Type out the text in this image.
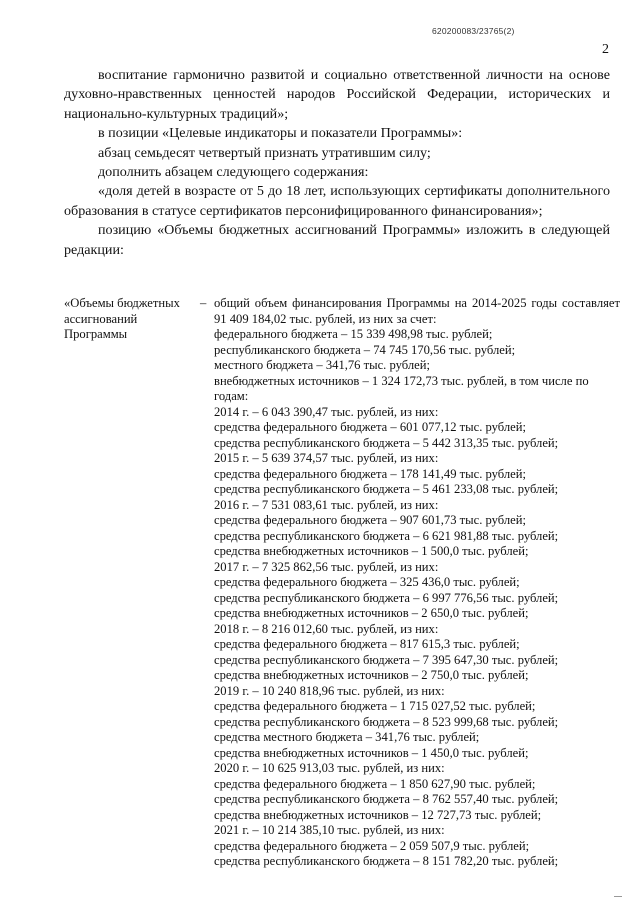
620200083/23765(2)
2

воспитание гармонично развитой и социально ответственной личности на основе духовно-нравственных ценностей народов Российской Федерации, исторических и национально-культурных традиций»;

в позиции «Целевые индикаторы и показатели Программы»:

абзац семьдесят четвертый признать утратившим силу;

дополнить абзацем следующего содержания:

«доля детей в возрасте от 5 до 18 лет, использующих сертификаты дополнительного образования в статусе сертификатов персонифицированного финансирования»;

позицию «Объемы бюджетных ассигнований Программы» изложить в следующей редакции:

«Объемы бюджетных ассигнований Программы
– общий объем финансирования Программы на 2014-2025 годы составляет 91 409 184,02 тыс. рублей, из них за счет:

федерального бюджета – 15 339 498,98 тыс. рублей;

республиканского бюджета – 74 745 170,56 тыс. рублей;

местного бюджета – 341,76 тыс. рублей;

внебюджетных источников – 1 324 172,73 тыс. рублей, в том числе по годам:

2014 г. – 6 043 390,47 тыс. рублей, из них:

средства федерального бюджета – 601 077,12 тыс. рублей;

средства республиканского бюджета – 5 442 313,35 тыс. рублей;

2015 г. – 5 639 374,57 тыс. рублей, из них:

средства федерального бюджета – 178 141,49 тыс. рублей;

средства республиканского бюджета – 5 461 233,08 тыс. рублей;

2016 г. – 7 531 083,61 тыс. рублей, из них:

средства федерального бюджета – 907 601,73 тыс. рублей;

средства республиканского бюджета – 6 621 981,88 тыс. рублей;

средства внебюджетных источников – 1 500,0 тыс. рублей;

2017 г. – 7 325 862,56 тыс. рублей, из них:

средства федерального бюджета – 325 436,0 тыс. рублей;

средства республиканского бюджета – 6 997 776,56 тыс. рублей;

средства внебюджетных источников – 2 650,0 тыс. рублей;

2018 г. – 8 216 012,60 тыс. рублей, из них:

средства федерального бюджета – 817 615,3 тыс. рублей;

средства республиканского бюджета – 7 395 647,30 тыс. рублей;

средства внебюджетных источников – 2 750,0 тыс. рублей;

2019 г. – 10 240 818,96 тыс. рублей, из них:

средства федерального бюджета – 1 715 027,52 тыс. рублей;

средства республиканского бюджета – 8 523 999,68 тыс. рублей;

средства местного бюджета – 341,76 тыс. рублей;

средства внебюджетных источников – 1 450,0 тыс. рублей;

2020 г. – 10 625 913,03 тыс. рублей, из них:

средства федерального бюджета – 1 850 627,90 тыс. рублей;

средства республиканского бюджета – 8 762 557,40 тыс. рублей;

средства внебюджетных источников – 12 727,73 тыс. рублей;

2021 г. – 10 214 385,10 тыс. рублей, из них:

средства федерального бюджета – 2 059 507,9 тыс. рублей;

средства республиканского бюджета – 8 151 782,20 тыс. рублей;
